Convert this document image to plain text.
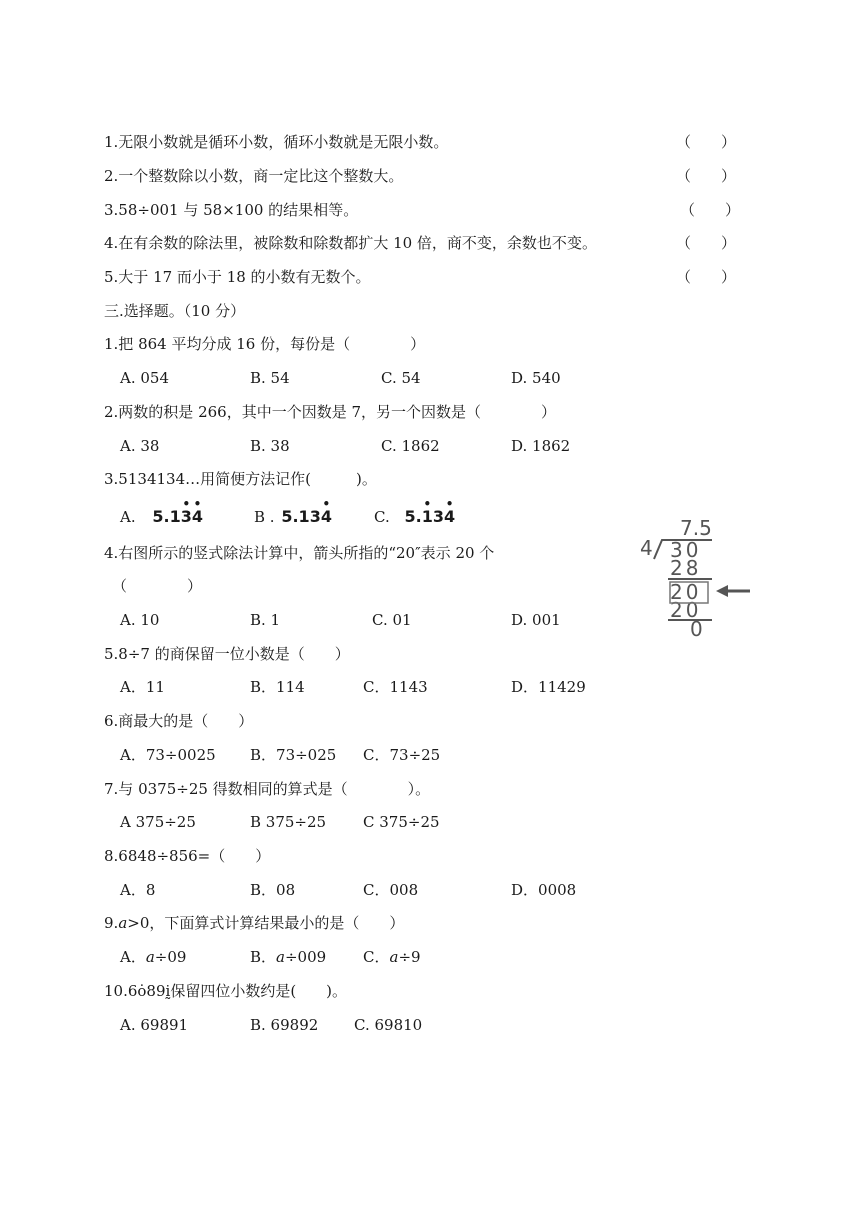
1.无限小数就是循环小数，循环小数就是无限小数。	（　　）
2.一个整数除以小数，商一定比这个整数大。	（　　）
3.58÷001 与 58×100 的结果相等。	（　　）
4.在有余数的除法里，被除数和除数都扩大 10 倍，商不变，余数也不变。	（　　）
5.大于 17 而小于 18 的小数有无数个。	（　　）
三.选择题。（10 分）
1.把 864 平均分成 16 份，每份是（　　　　）
A. 054	B. 54	C. 54	D. 540
2.两数的积是 266，其中一个因数是 7，另一个因数是（　　　　）
A. 38	B. 38	C. 1862	D. 1862
3.5134134…用简便方法记作(　　　)。
A. 5.1
•
3
•
4	B . 5.13
•
4	C. 5.
•
13
•
4
4.右图所示的竖式除法计算中，箭头所指的“20″表示 20 个
（　　　　）
A. 10	B. 1	C. 01	D. 001
7.5
4 30
28
20
20
0
5.8÷7 的商保留一位小数是（　　）
A．11	B．114	C．1143	D．11429
6.商最大的是（　　）
A．73÷0025 B．73÷025 C．73÷25
7.与 0375÷25 得数相同的算式是（　　　　）。
A 375÷25	B 375÷25 C 375÷25
8.6848÷856=（　　）
A．8	B．08	C．008	D．0008
9.a>0，下面算式计算结果最小的是（　　）
A．a÷09	B．a÷009 C．a÷9
10.6ȯ89ḭ保留四位小数约是(　　)。
A. 69891	B. 69892 C. 69810
